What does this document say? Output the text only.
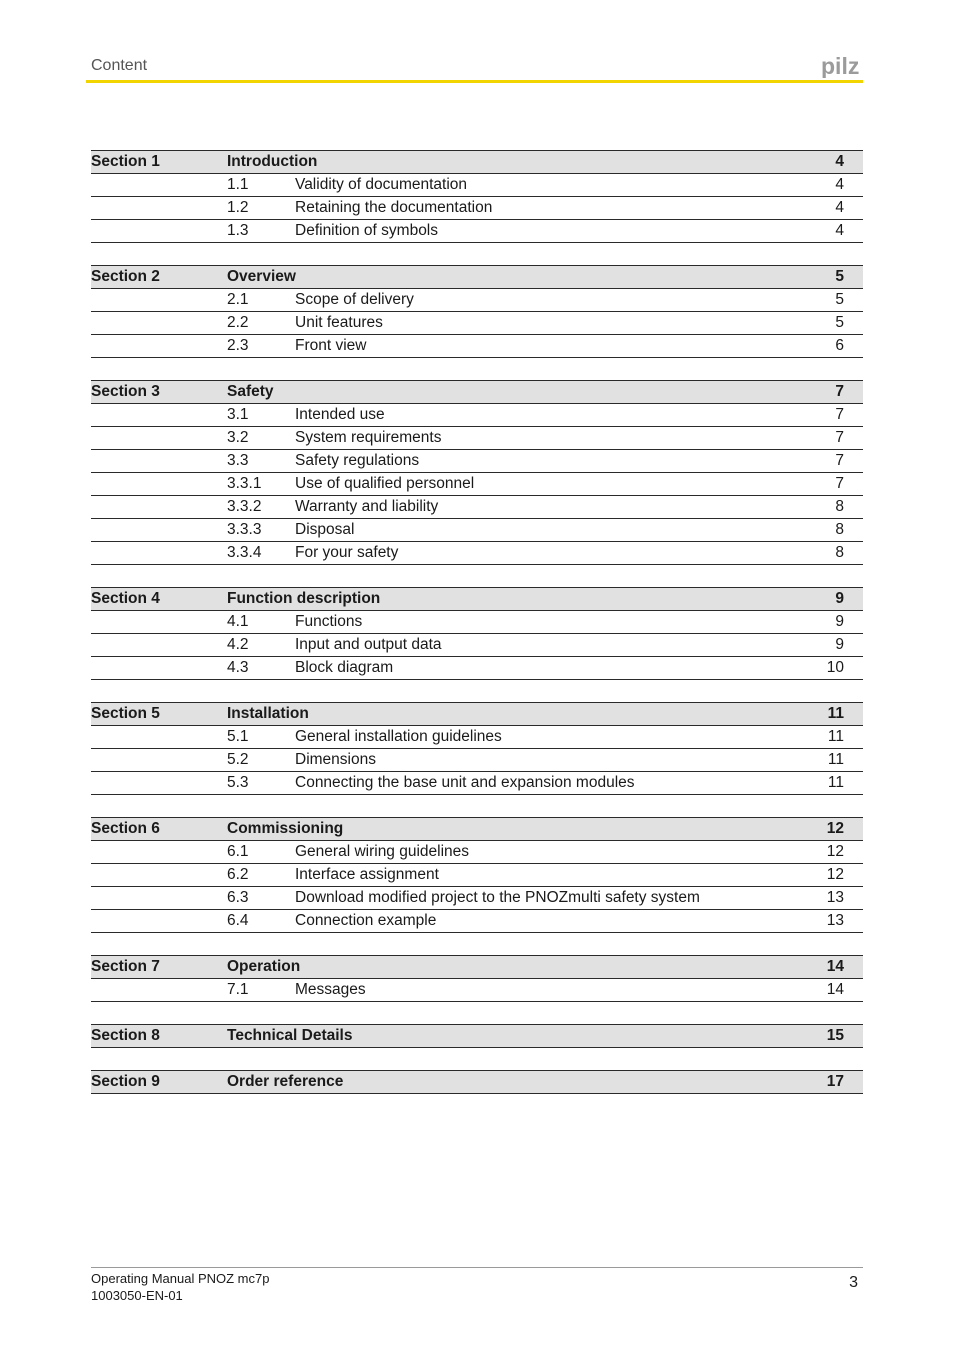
Content	pilz
Section 1	Introduction	4
1.1	Validity of documentation	4
1.2	Retaining the documentation	4
1.3	Definition of symbols	4
Section 2	Overview	5
2.1	Scope of delivery	5
2.2	Unit features	5
2.3	Front view	6
Section 3	Safety	7
3.1	Intended use	7
3.2	System requirements	7
3.3	Safety regulations	7
3.3.1 Use of qualified personnel	7
3.3.2 Warranty and liability	8
3.3.3 Disposal	8
3.3.4 For your safety	8
Section 4	Function description	9
4.1	Functions	9
4.2	Input and output data	9
4.3	Block diagram	10
Section 5	Installation	11
5.1	General installation guidelines	11
5.2	Dimensions	11
5.3	Connecting the base unit and expansion modules	11
Section 6	Commissioning	12
6.1	General wiring guidelines	12
6.2	Interface assignment	12
6.3	Download modified project to the PNOZmulti safety system	13
6.4	Connection example	13
Section 7	Operation	14
7.1	Messages	14
Section 8	Technical Details	15
Section 9	Order reference	17
Operating Manual PNOZ mc7p
1003050-EN-01
3
